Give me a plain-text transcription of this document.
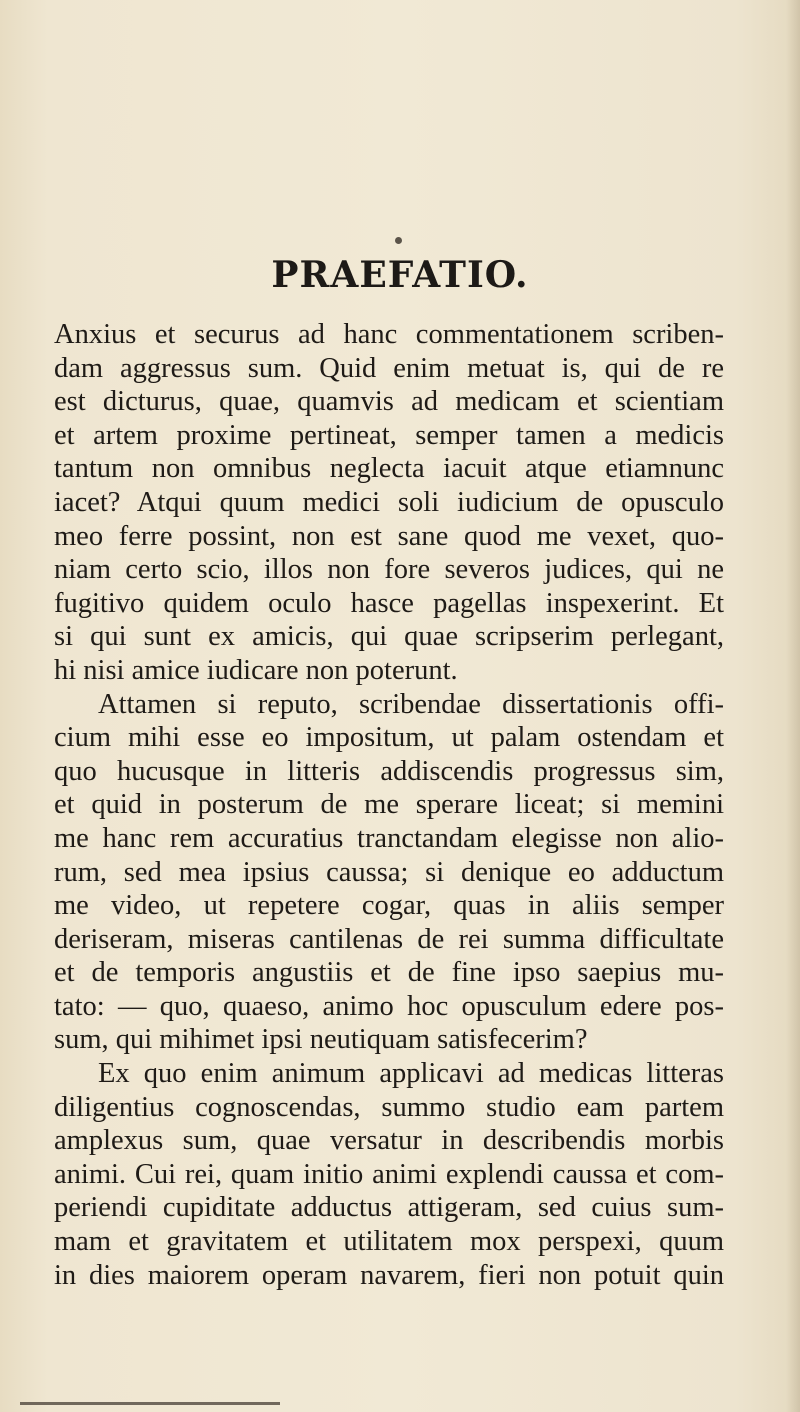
PRAEFATIO.
Anxius et securus ad hanc commentationem scriben-
dam aggressus sum. Quid enim metuat is, qui de re
est dicturus, quae, quamvis ad medicam et scientiam
et artem proxime pertineat, semper tamen a medicis
tantum non omnibus neglecta iacuit atque etiamnunc
iacet? Atqui quum medici soli iudicium de opusculo
meo ferre possint, non est sane quod me vexet, quo-
niam certo scio, illos non fore severos judices, qui ne
fugitivo quidem oculo hasce pagellas inspexerint. Et
si qui sunt ex amicis, qui quae scripserim perlegant,
hi nisi amice iudicare non poterunt.
Attamen si reputo, scribendae dissertationis offi-
cium mihi esse eo impositum, ut palam ostendam et
quo hucusque in litteris addiscendis progressus sim,
et quid in posterum de me sperare liceat; si memini
me hanc rem accuratius tranctandam elegisse non alio-
rum, sed mea ipsius caussa; si denique eo adductum
me video, ut repetere cogar, quas in aliis semper
deriseram, miseras cantilenas de rei summa difficultate
et de temporis angustiis et de fine ipso saepius mu-
tato: — quo, quaeso, animo hoc opusculum edere pos-
sum, qui mihimet ipsi neutiquam satisfecerim?
Ex quo enim animum applicavi ad medicas litteras
diligentius cognoscendas, summo studio eam partem
amplexus sum, quae versatur in describendis morbis
animi. Cui rei, quam initio animi explendi caussa et com-
periendi cupiditate adductus attigeram, sed cuius sum-
mam et gravitatem et utilitatem mox perspexi, quum
in dies maiorem operam navarem, fieri non potuit quin
